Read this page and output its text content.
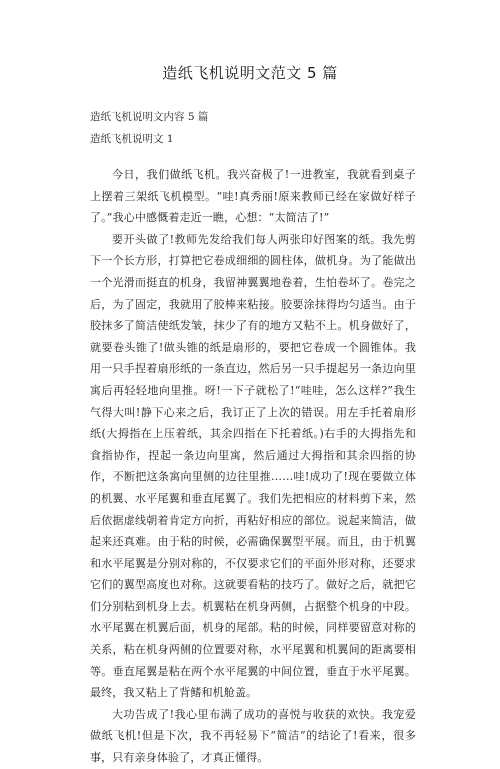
造纸飞机说明文范文 5 篇
造纸飞机说明文内容 5 篇
造纸飞机说明文 1

今日，我们做纸飞机。我兴奋极了!一进教室，我就看到桌子上摆着三架纸飞机模型。“哇!真秀丽!原来教师已经在家做好样子了。”我心中感慨着走近一瞧，心想：“太简洁了!”

要开头做了!教师先发给我们每人两张印好图案的纸。我先剪下一个长方形，打算把它卷成细细的圆柱体，做机身。为了能做出一个光滑而挺直的机身，我留神翼翼地卷着，生怕卷坏了。卷完之后，为了固定，我就用了胶棒来粘接。胶要涂抹得均匀适当。由于胶抹多了简洁使纸发皱，抹少了有的地方又粘不上。机身做好了，就要卷头锥了!做头锥的纸是扇形的，要把它卷成一个圆锥体。我用一只手捏着扇形纸的一条直边，然后另一只手提起另一条边向里寓后再轻轻地向里推。呀!一下子就松了!“哇哇，怎么这样?”我生气得大叫!静下心来之后，我订正了上次的错误。用左手托着扇形纸(大拇指在上压着纸，其余四指在下托着纸。)右手的大拇指先和食指协作，捏起一条边向里寓，然后通过大拇指和其余四指的协作，不断把这条寓向里侧的边往里推……哇!成功了!现在要做立体的机翼、水平尾翼和垂直尾翼了。我们先把相应的材料剪下来，然后依据虚线朝着肯定方向折，再粘好相应的部位。说起来简洁，做起来还真难。由于粘的时候，必需确保翼型平展。而且，由于机翼和水平尾翼是分别对称的，不仅要求它们的平面外形对称，还要求它们的翼型高度也对称。这就要看粘的技巧了。做好之后，就把它们分别粘到机身上去。机翼粘在机身两侧，占据整个机身的中段。水平尾翼在机翼后面，机身的尾部。粘的时候，同样要留意对称的关系，粘在机身两侧的位置要对称，水平尾翼和机翼间的距离要相等。垂直尾翼是粘在两个水平尾翼的中间位置，垂直于水平尾翼。最终，我又粘上了背鳍和机舱盖。

大功告成了!我心里布满了成功的喜悦与收获的欢快。我宠爱做纸飞机!但是下次，我不再轻易下“简洁”的结论了!看来，很多事，只有亲身体验了，才真正懂得。
